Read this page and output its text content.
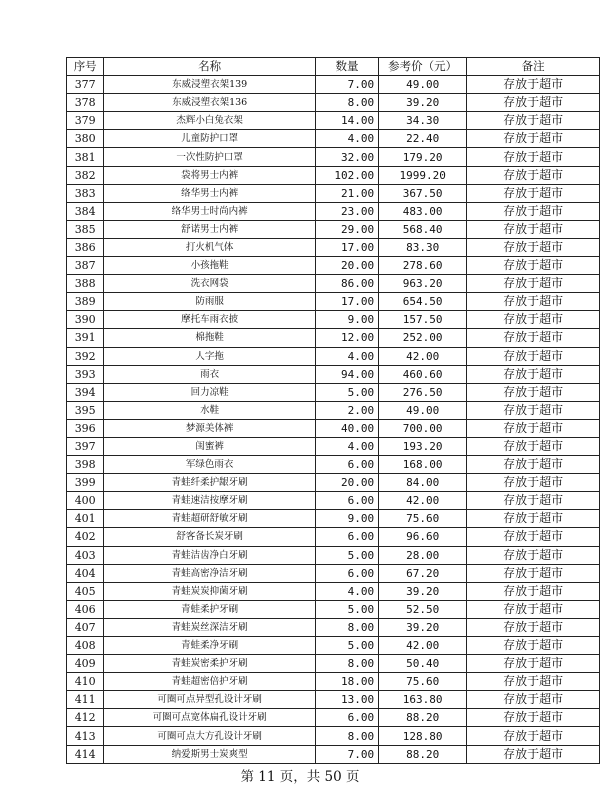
序号	名称	数量	参考价（元）	备注
377	东威浸塑衣架139	7.00	49.00	存放于超市
378	东威浸塑衣架136	8.00	39.20	存放于超市
379	杰辉小白兔衣架	14.00	34.30	存放于超市
380	儿童防护口罩	4.00	22.40	存放于超市
381	一次性防护口罩	32.00	179.20	存放于超市
382	袋将男士内裤	102.00	1999.20	存放于超市
383	络华男士内裤	21.00	367.50	存放于超市
384	络华男士时尚内裤	23.00	483.00	存放于超市
385	舒诺男士内裤	29.00	568.40	存放于超市
386	打火机气体	17.00	83.30	存放于超市
387	小孩拖鞋	20.00	278.60	存放于超市
388	洗衣网袋	86.00	963.20	存放于超市
389	防雨服	17.00	654.50	存放于超市
390	摩托车雨衣披	9.00	157.50	存放于超市
391	棉拖鞋	12.00	252.00	存放于超市
392	人字拖	4.00	42.00	存放于超市
393	雨衣	94.00	460.60	存放于超市
394	回力凉鞋	5.00	276.50	存放于超市
395	水鞋	2.00	49.00	存放于超市
396	梦源美体裤	40.00	700.00	存放于超市
397	闺蜜裤	4.00	193.20	存放于超市
398	军绿色雨衣	6.00	168.00	存放于超市
399	青蛙纤柔护龈牙刷	20.00	84.00	存放于超市
400	青蛙速洁按摩牙刷	6.00	42.00	存放于超市
401	青蛙超研舒敏牙刷	9.00	75.60	存放于超市
402	舒客备长炭牙刷	6.00	96.60	存放于超市
403	青蛙洁齿净白牙刷	5.00	28.00	存放于超市
404	青蛙高密净洁牙刷	6.00	67.20	存放于超市
405	青蛙炭炭抑菌牙刷	4.00	39.20	存放于超市
406	青蛙柔护牙刷	5.00	52.50	存放于超市
407	青蛙炭丝深洁牙刷	8.00	39.20	存放于超市
408	青蛙柔净牙刷	5.00	42.00	存放于超市
409	青蛙炭密柔护牙刷	8.00	50.40	存放于超市
410	青蛙超密倍护牙刷	18.00	75.60	存放于超市
411	可圈可点异型孔设计牙刷	13.00	163.80	存放于超市
412	可圈可点宽体扁孔设计牙刷	6.00	88.20	存放于超市
413	可圈可点大方孔设计牙刷	8.00	128.80	存放于超市
414	纳爱斯男士炭爽型	7.00	88.20	存放于超市
第 11 页，共 50 页
